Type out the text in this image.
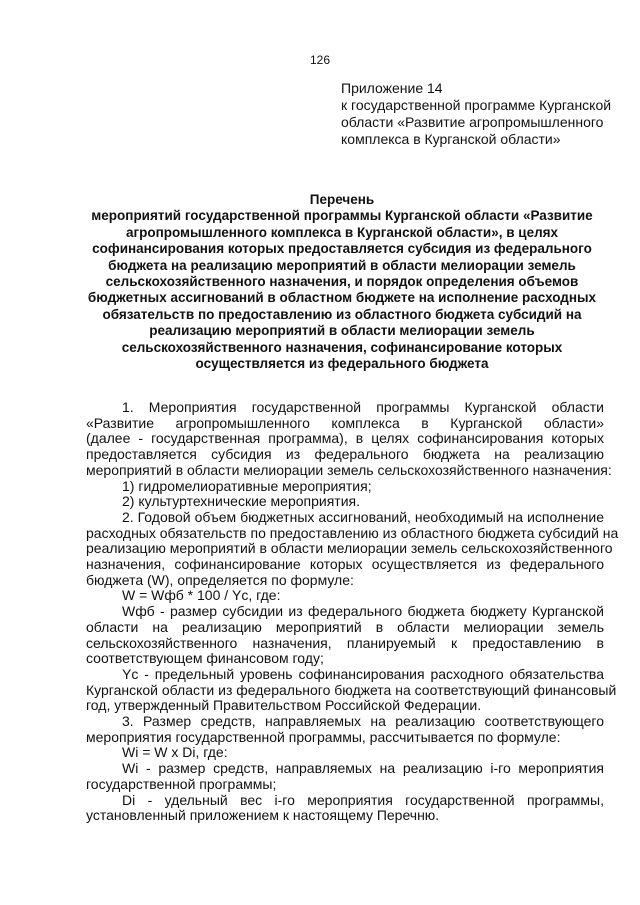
126
Приложение 14
к государственной программе Курганской
области «Развитие агропромышленного
комплекса в Курганской области»
Перечень
мероприятий государственной программы Курганской области «Развитие
агропромышленного комплекса в Курганской области», в целях
софинансирования которых предоставляется субсидия из федерального
бюджета на реализацию мероприятий в области мелиорации земель
сельскохозяйственного назначения, и порядок определения объемов
бюджетных ассигнований в областном бюджете на исполнение расходных
обязательств по предоставлению из областного бюджета субсидий на
реализацию мероприятий в области мелиорации земель
сельскохозяйственного назначения, софинансирование которых
осуществляется из федерального бюджета
1. Мероприятия государственной программы Курганской области
«Развитие агропромышленного комплекса в Курганской области»
(далее - государственная программа), в целях софинансирования которых
предоставляется субсидия из федерального бюджета на реализацию
мероприятий в области мелиорации земель сельскохозяйственного назначения:
1) гидромелиоративные мероприятия;
2) культуртехнические мероприятия.
2. Годовой объем бюджетных ассигнований, необходимый на исполнение
расходных обязательств по предоставлению из областного бюджета субсидий на
реализацию мероприятий в области мелиорации земель сельскохозяйственного
назначения, софинансирование которых осуществляется из федерального
бюджета (W), определяется по формуле:
W = Wфб * 100 / Yc, где:
Wфб - размер субсидии из федерального бюджета бюджету Курганской
области на реализацию мероприятий в области мелиорации земель
сельскохозяйственного назначения, планируемый к предоставлению в
соответствующем финансовом году;
Yc - предельный уровень софинансирования расходного обязательства
Курганской области из федерального бюджета на соответствующий финансовый
год, утвержденный Правительством Российской Федерации.
3. Размер средств, направляемых на реализацию соответствующего
мероприятия государственной программы, рассчитывается по формуле:
Wi = W x Di, где:
Wi - размер средств, направляемых на реализацию i-го мероприятия
государственной программы;
Di - удельный вес i-го мероприятия государственной программы,
установленный приложением к настоящему Перечню.
